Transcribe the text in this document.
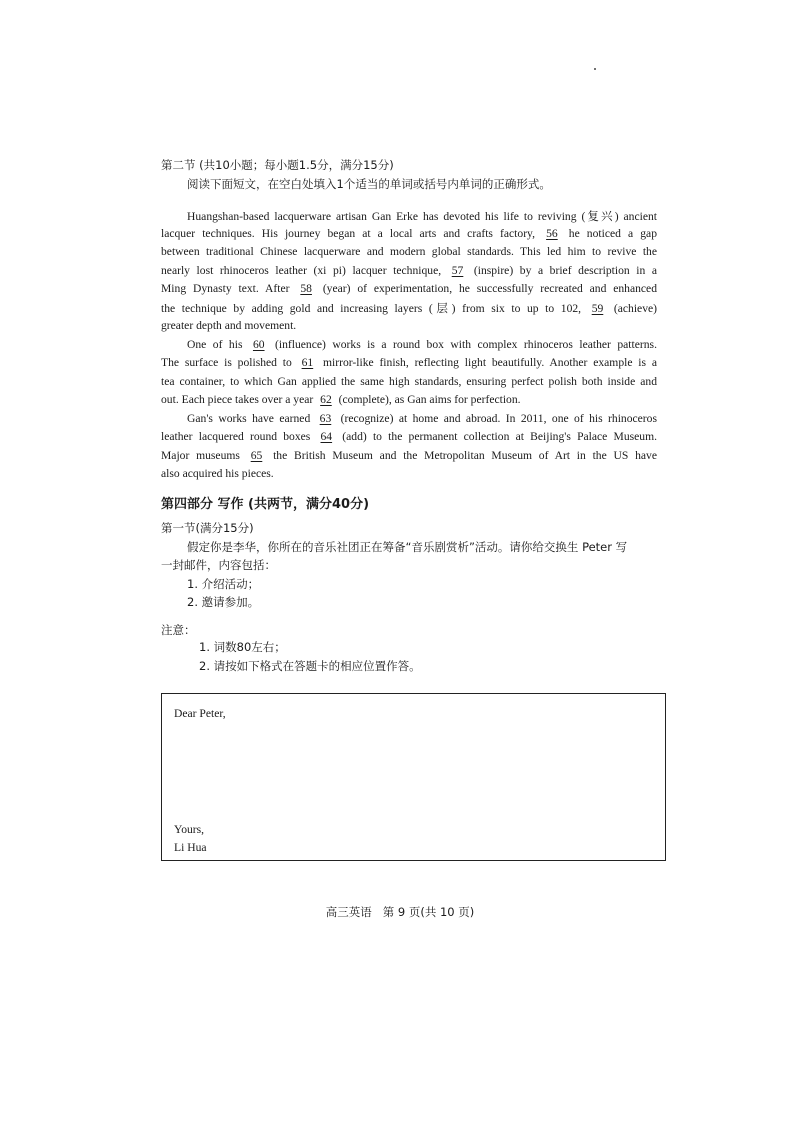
第二节 (共10小题；每小题1.5分，满分15分)
阅读下面短文，在空白处填入1个适当的单词或括号内单词的正确形式。
Huangshan-based lacquerware artisan Gan Erke has devoted his life to reviving (复兴) ancient
lacquer techniques. His journey began at a local arts and crafts factory, 56 he noticed a gap
between traditional Chinese lacquerware and modern global standards. This led him to revive the
nearly lost rhinoceros leather (xi pi) lacquer technique, 57 (inspire) by a brief description in a
Ming Dynasty text. After 58 (year) of experimentation, he successfully recreated and enhanced
the technique by adding gold and increasing layers (层) from six to up to 102, 59 (achieve)
greater depth and movement.
One of his 60 (influence) works is a round box with complex rhinoceros leather patterns.
The surface is polished to 61 mirror-like finish, reflecting light beautifully. Another example is a
tea container, to which Gan applied the same high standards, ensuring perfect polish both inside and
out. Each piece takes over a year 62 (complete), as Gan aims for perfection.
Gan's works have earned 63 (recognize) at home and abroad. In 2011, one of his rhinoceros
leather lacquered round boxes 64 (add) to the permanent collection at Beijing's Palace Museum.
Major museums 65 the British Museum and the Metropolitan Museum of Art in the US have
also acquired his pieces.
第四部分 写作 (共两节，满分40分)
第一节(满分15分)
假定你是李华，你所在的音乐社团正在筹备“音乐剧赏析”活动。请你给交换生 Peter 写
一封邮件，内容包括：
1. 介绍活动；
2. 邀请参加。
注意：
1. 词数80左右；
2. 请按如下格式在答题卡的相应位置作答。
Dear Peter,
Yours,
Li Hua
高三英语   第 9 页(共 10 页)
